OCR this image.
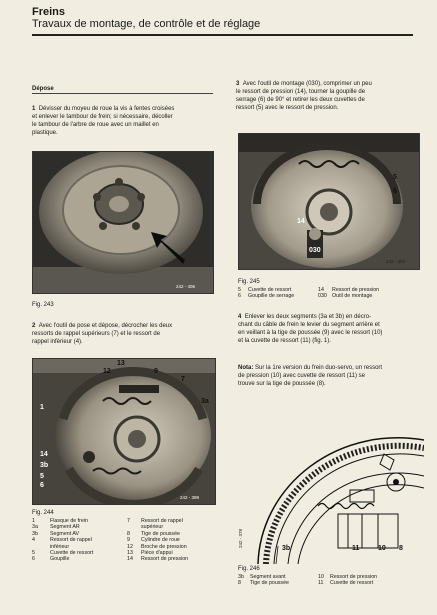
Freins
Travaux de montage, de contrôle et de réglage
Dépose
1 Dévisser du moyeu de roue la vis à fentes croisées
et enlever le tambour de frein; si nécessaire, décoller
le tambour de l'arbre de roue avec un maillet en
plastique.
242 - 406
Fig. 243
2 Avec l'outil de pose et dépose, décrocher les deux
ressorts de rappel supérieurs (7) et le ressort de
rappel inférieur (4).
13
12	9
7
1
14
3b
5
6
3a
242 - 399
Fig. 244
1	Flasque de frein
3a Segment AR
3b Segment AV
4	Ressort de rappel
inférieur
5	Cuvette de ressort
6	Goupille
7 Ressort de rappel
supérieur
8 Tige de poussée
9 Cylindre de roue
12 Broche de pression
13 Pièce d'appui
14 Ressort de pression
3 Avec l'outil de montage (030), comprimer un peu
le ressort de pression (14), tourner la goupille de
serrage (6) de 90° et retirer les deux cuvettes de
ressort (5) avec le ressort de pression.
5
6
14
030
242 - 403
Fig. 245
5 Cuvette de ressort	14 Ressort de pression
6 Goupille de serrage	030 Outil de montage
4 Enlever les deux segments (3a et 3b) en décro-
chant du câble de frein le levier du segment arrière et
en veillant à la tige de poussée (9) avec le ressort (10)
et la cuvette de ressort (11) (fig. 1).
Nota: Sur la 1re version du frein duo-servo, un ressort
de pression (10) avec cuvette de ressort (11) se
trouve sur la tige de poussée (8).
3b	11	10 8
242 - 378
Fig. 246
3b Segment avant	10 Ressort de pression
8 Tige de poussée	11 Cuvette de ressort
